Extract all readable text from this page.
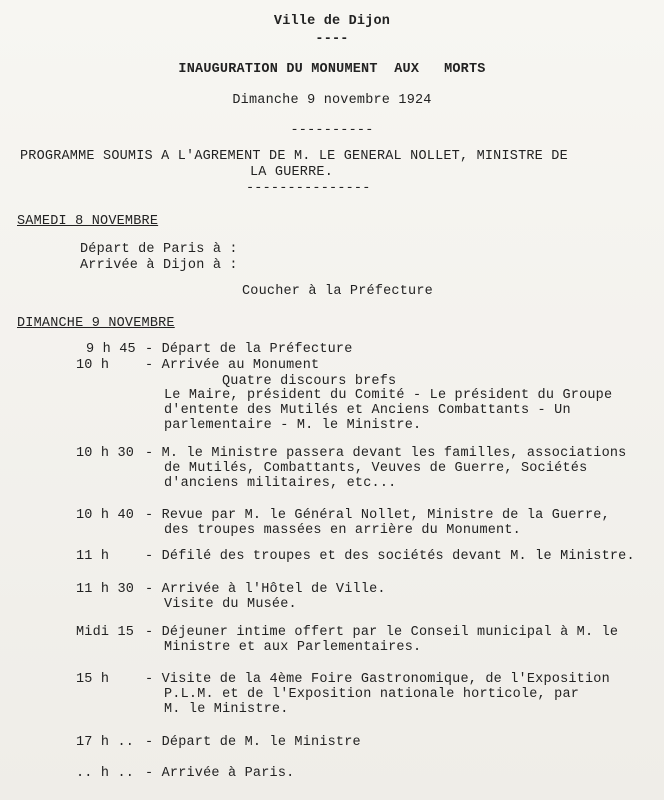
Ville de Dijon
----
INAUGURATION DU MONUMENT  AUX   MORTS
Dimanche 9 novembre 1924
----------
PROGRAMME SOUMIS A L'AGREMENT DE M. LE GENERAL NOLLET, MINISTRE DE
LA GUERRE.
---------------
SAMEDI 8 NOVEMBRE
Départ de Paris à :
Arrivée à Dijon à :
Coucher à la Préfecture
DIMANCHE 9 NOVEMBRE
9 h 45 - Départ de la Préfecture
10 h	- Arrivée au Monument
Quatre discours brefs
Le Maire, président du Comité - Le président du Groupe
d'entente des Mutilés et Anciens Combattants - Un
parlementaire - M. le Ministre.
10 h 30 - M. le Ministre passera devant les familles, associations
de Mutilés, Combattants, Veuves de Guerre, Sociétés
d'anciens militaires, etc...
10 h 40 - Revue par M. le Général Nollet, Ministre de la Guerre,
des troupes massées en arrière du Monument.
11 h	- Défilé des troupes et des sociétés devant M. le Ministre.
11 h 30 - Arrivée à l'Hôtel de Ville.
Visite du Musée.
Midi 15 - Déjeuner intime offert par le Conseil municipal à M. le
Ministre et aux Parlementaires.
15 h	- Visite de la 4ème Foire Gastronomique, de l'Exposition
P.L.M. et de l'Exposition nationale horticole, par
M. le Ministre.
17 h .. - Départ de M. le Ministre
.. h .. - Arrivée à Paris.
